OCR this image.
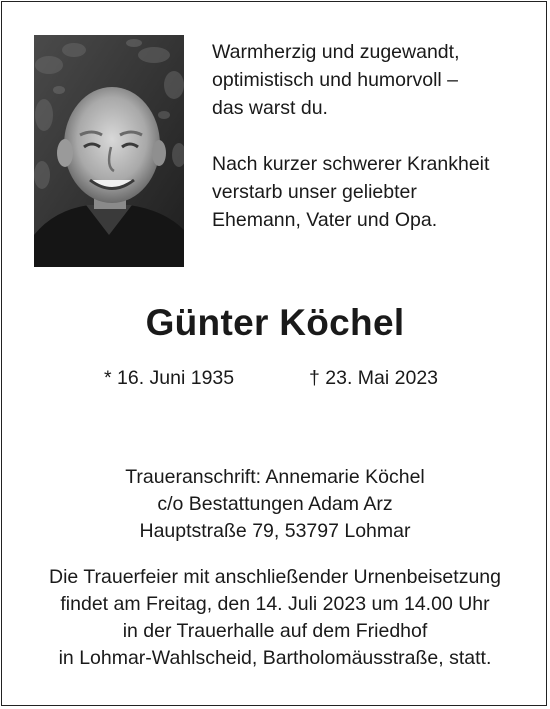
Warmherzig und zugewandt,
optimistisch und humorvoll –
das warst du.

Nach kurzer schwerer Krankheit
verstarb unser geliebter
Ehemann, Vater und Opa.

Günter Köchel
* 16. Juni 1935	† 23. Mai 2023
Traueranschrift: Annemarie Köchel
c/o Bestattungen Adam Arz
Hauptstraße 79, 53797 Lohmar
Die Trauerfeier mit anschließender Urnenbeisetzung
findet am Freitag, den 14. Juli 2023 um 14.00 Uhr
in der Trauerhalle auf dem Friedhof
in Lohmar-Wahlscheid, Bartholomäusstraße, statt.
